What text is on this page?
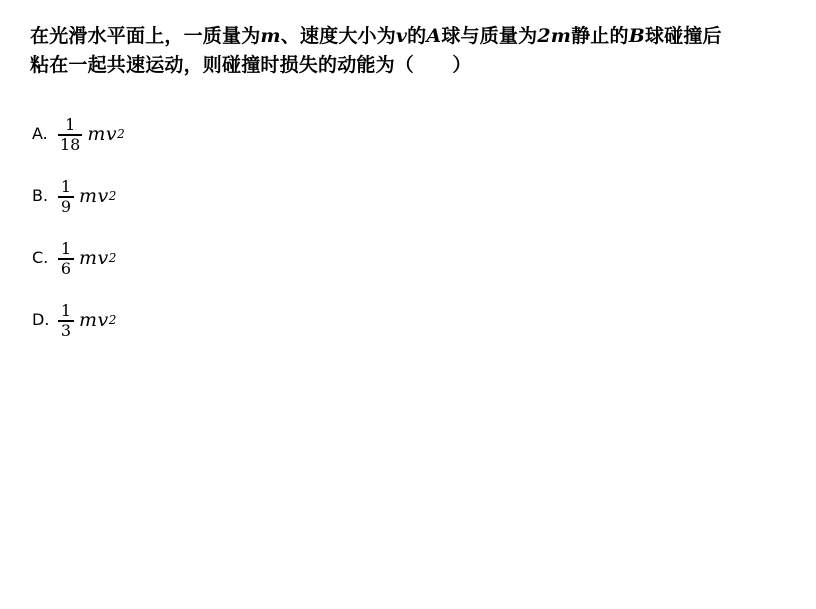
在光滑水平面上，一质量为m、速度大小为v的A球与质量为2m静止的B球碰撞后粘在一起共速运动，则碰撞时损失的动能为（　　）
A. $\frac{1}{18}$ mv 2
B. $\frac{1}{9}$ mv 2
C. $\frac{1}{6}$ mv 2
D. $\frac{1}{3}$ mv 2
